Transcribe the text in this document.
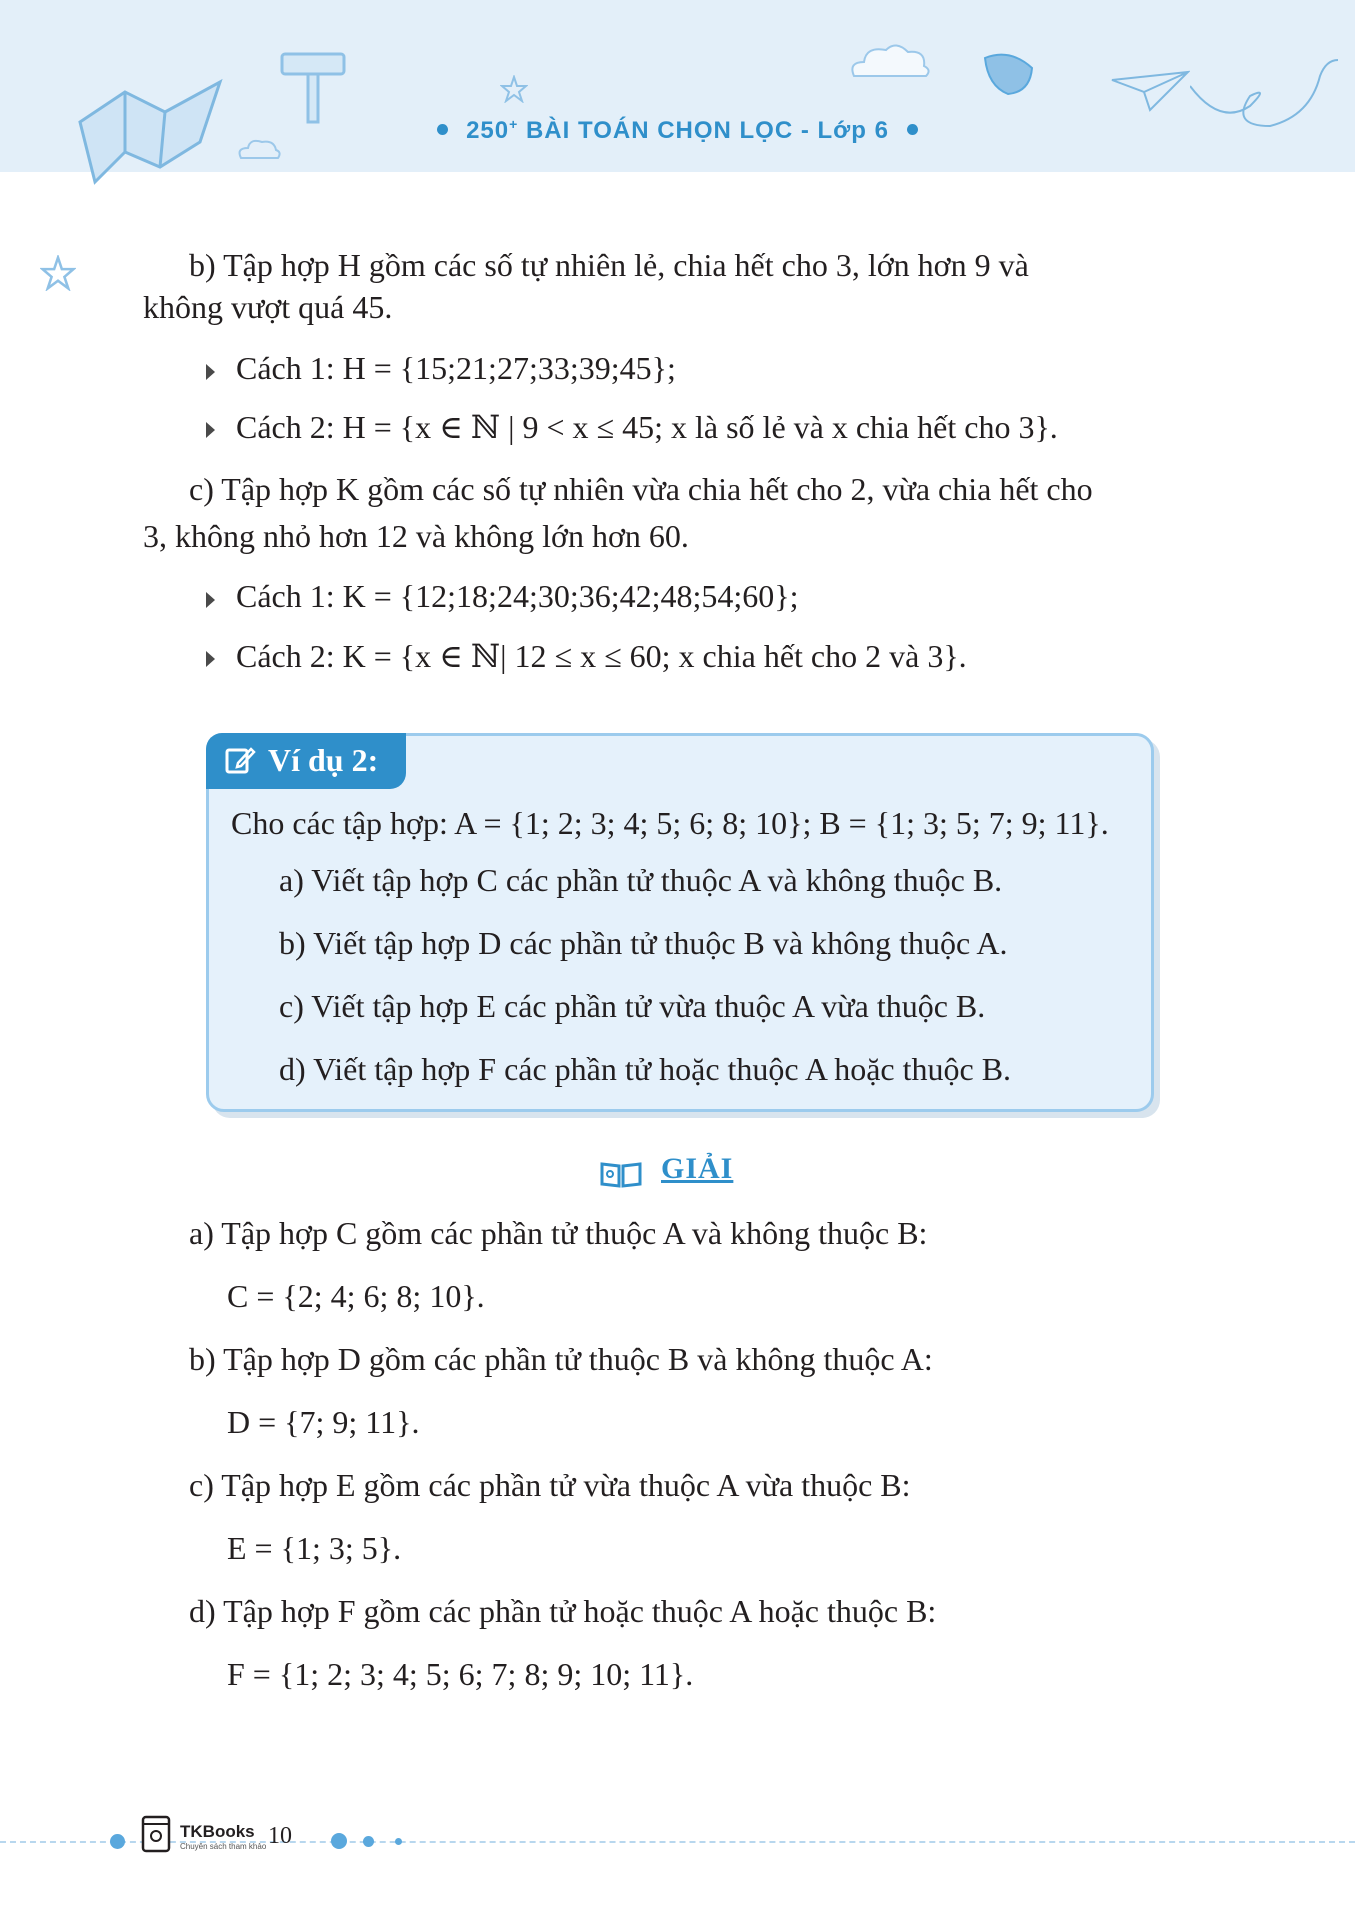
250+ BÀI TOÁN CHỌN LỌC - Lớp 6
b) Tập hợp H gồm các số tự nhiên lẻ, chia hết cho 3, lớn hơn 9 và
không vượt quá 45.
Cách 1: H = {15;21;27;33;39;45};
Cách 2: H = {x ∈ ℕ | 9 < x ≤ 45; x là số lẻ và x chia hết cho 3}.
c) Tập hợp K gồm các số tự nhiên vừa chia hết cho 2, vừa chia hết cho
3, không nhỏ hơn 12 và không lớn hơn 60.
Cách 1: K = {12;18;24;30;36;42;48;54;60};
Cách 2: K = {x ∈ ℕ| 12 ≤ x ≤ 60; x chia hết cho 2 và 3}.
Ví dụ 2:
Cho các tập hợp: A = {1; 2; 3; 4; 5; 6; 8; 10}; B = {1; 3; 5; 7; 9; 11}.
a) Viết tập hợp C các phần tử thuộc A và không thuộc B.
b) Viết tập hợp D các phần tử thuộc B và không thuộc A.
c) Viết tập hợp E các phần tử vừa thuộc A vừa thuộc B.
d) Viết tập hợp F các phần tử hoặc thuộc A hoặc thuộc B.
GIẢI
a) Tập hợp C gồm các phần tử thuộc A và không thuộc B:
C = {2; 4; 6; 8; 10}.
b) Tập hợp D gồm các phần tử thuộc B và không thuộc A:
D = {7; 9; 11}.
c) Tập hợp E gồm các phần tử vừa thuộc A vừa thuộc B:
E = {1; 3; 5}.
d) Tập hợp F gồm các phần tử hoặc thuộc A hoặc thuộc B:
F = {1; 2; 3; 4; 5; 6; 7; 8; 9; 10; 11}.
TKBooks
Chuyên sách tham khảo 10
